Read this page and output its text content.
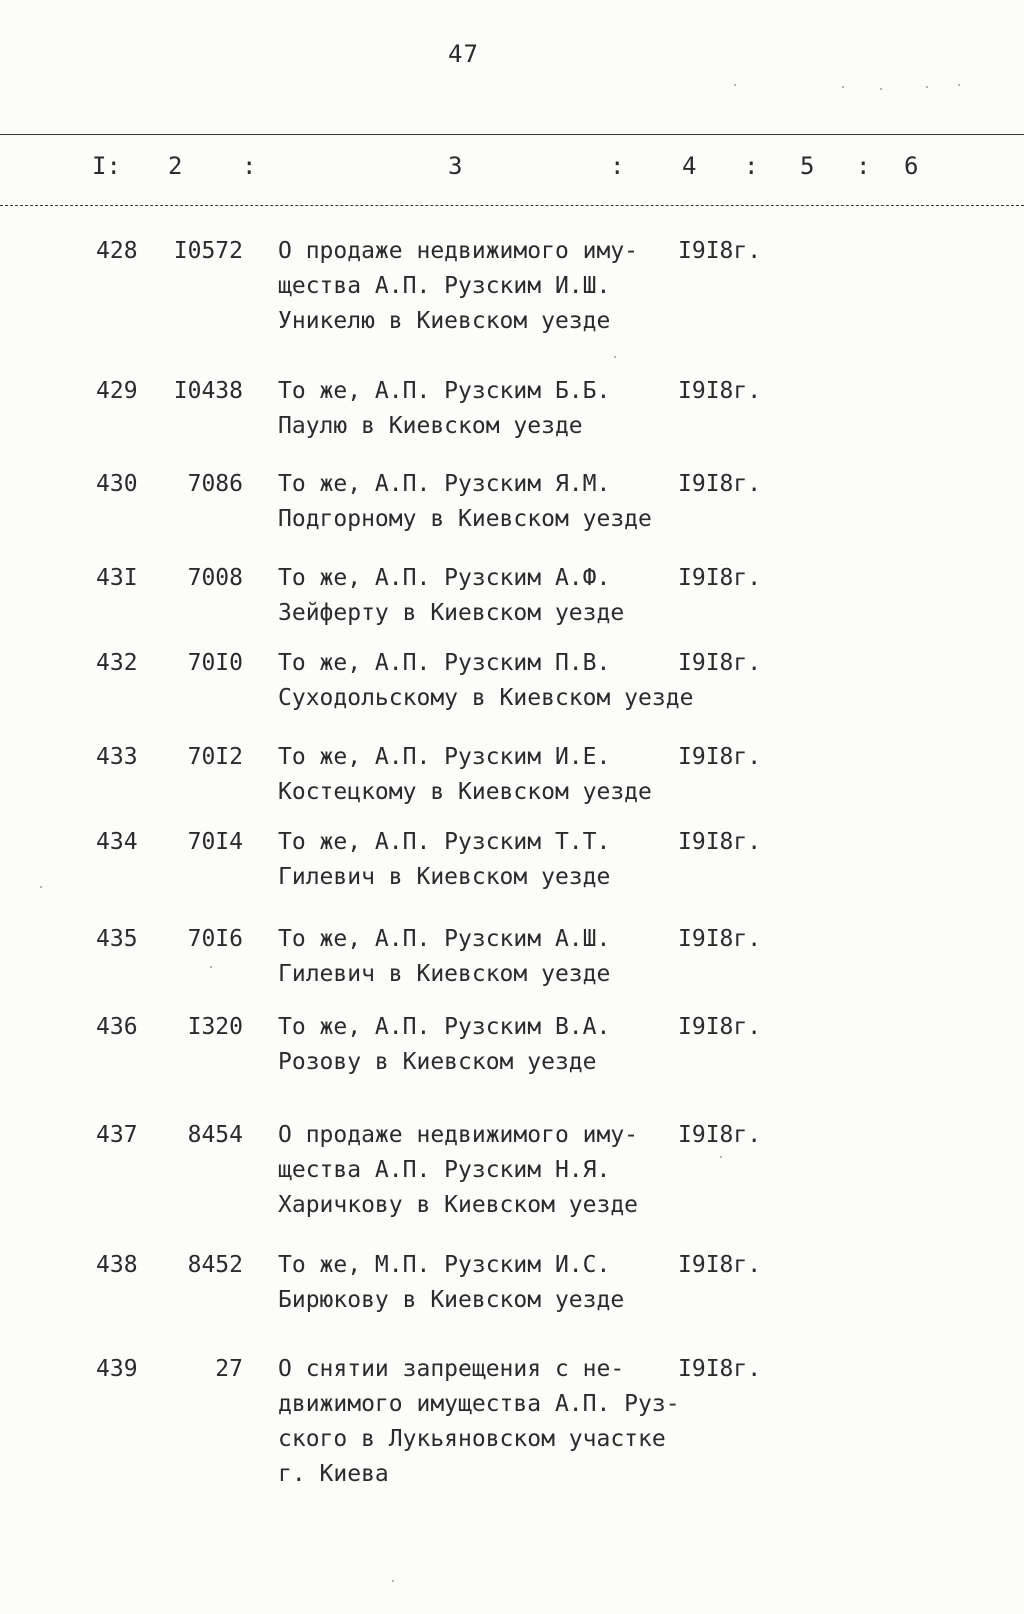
47
I: 2 :	3	: 4 : 5 : 6
428 I0572 О продаже недвижимого иму-
щества А.П. Рузским И.Ш.
Уникелю в Киевском уезде
I9I8г.
429 I0438 То же, А.П. Рузским Б.Б.
Паулю в Киевском уезде
I9I8г.
430 7086 То же, А.П. Рузским Я.М.
Подгорному в Киевском уезде
I9I8г.
43I 7008 То же, А.П. Рузским А.Ф.
Зейферту в Киевском уезде
I9I8г.
432 70I0 То же, А.П. Рузским П.В.
Суходольскому в Киевском уезде
I9I8г.
433 70I2 То же, А.П. Рузским И.Е.
Костецкому в Киевском уезде
I9I8г.
434 70I4 То же, А.П. Рузским Т.Т.
Гилевич в Киевском уезде
I9I8г.
435 70I6 То же, А.П. Рузским А.Ш.
Гилевич в Киевском уезде
I9I8г.
436 I320 То же, А.П. Рузским В.А.
Розову в Киевском уезде
I9I8г.
437 8454 О продаже недвижимого иму-
щества А.П. Рузским Н.Я.
Харичкову в Киевском уезде
I9I8г.
438 8452 То же, М.П. Рузским И.С.
Бирюкову в Киевском уезде
I9I8г.
439	27 О снятии запрещения с не-
движимого имущества А.П. Руз-
ского в Лукьяновском участке
г. Киева
I9I8г.
